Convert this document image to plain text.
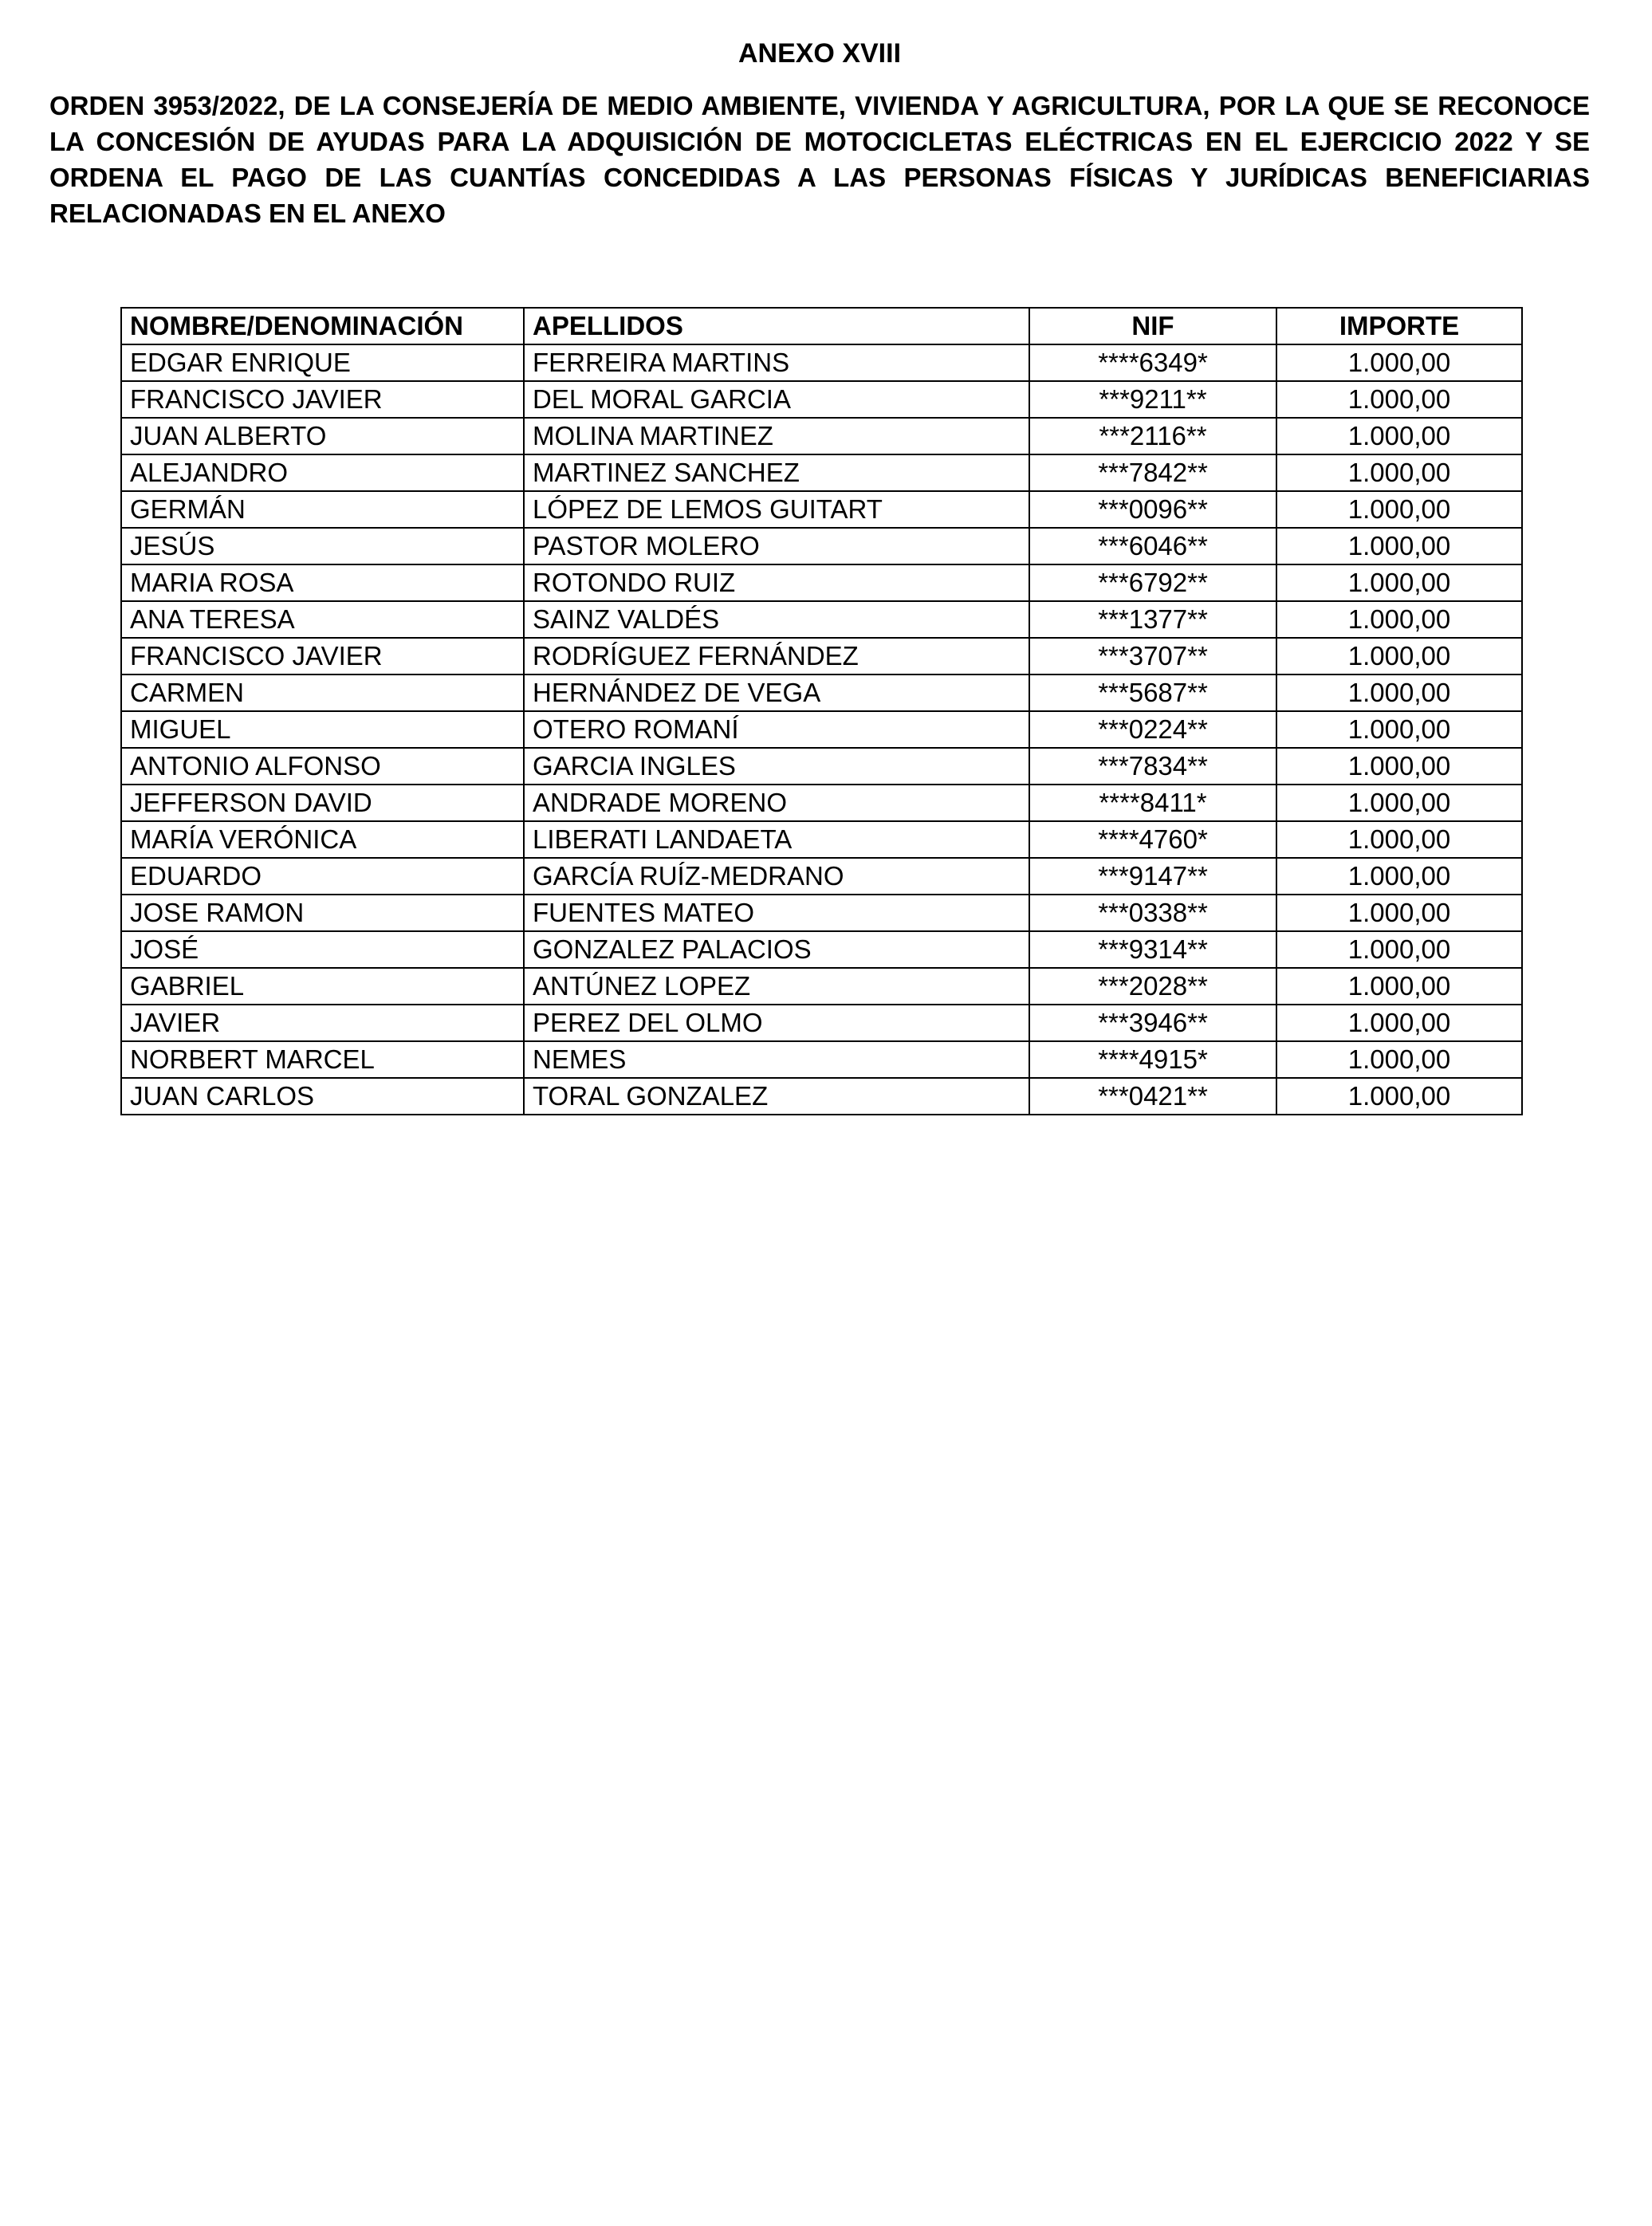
ANEXO XVIII

ORDEN 3953/2022, DE LA CONSEJERÍA DE MEDIO AMBIENTE, VIVIENDA Y AGRICULTURA, POR LA QUE SE RECONOCE LA CONCESIÓN DE AYUDAS PARA LA ADQUISICIÓN DE MOTOCICLETAS ELÉCTRICAS EN EL EJERCICIO 2022 Y SE ORDENA EL PAGO DE LAS CUANTÍAS CONCEDIDAS A LAS PERSONAS FÍSICAS Y JURÍDICAS BENEFICIARIAS RELACIONADAS EN EL ANEXO

NOMBRE/DENOMINACIÓN	APELLIDOS	NIF	IMPORTE
EDGAR ENRIQUE	FERREIRA MARTINS	****6349*	1.000,00
FRANCISCO JAVIER	DEL MORAL GARCIA	***9211**	1.000,00
JUAN ALBERTO	MOLINA MARTINEZ	***2116**	1.000,00
ALEJANDRO	MARTINEZ SANCHEZ	***7842**	1.000,00
GERMÁN	LÓPEZ DE LEMOS GUITART	***0096**	1.000,00
JESÚS	PASTOR MOLERO	***6046**	1.000,00
MARIA ROSA	ROTONDO RUIZ	***6792**	1.000,00
ANA TERESA	SAINZ VALDÉS	***1377**	1.000,00
FRANCISCO JAVIER	RODRÍGUEZ FERNÁNDEZ	***3707**	1.000,00
CARMEN	HERNÁNDEZ DE VEGA	***5687**	1.000,00
MIGUEL	OTERO ROMANÍ	***0224**	1.000,00
ANTONIO ALFONSO	GARCIA INGLES	***7834**	1.000,00
JEFFERSON DAVID	ANDRADE MORENO	****8411*	1.000,00
MARÍA VERÓNICA	LIBERATI LANDAETA	****4760*	1.000,00
EDUARDO	GARCÍA RUÍZ-MEDRANO	***9147**	1.000,00
JOSE RAMON	FUENTES MATEO	***0338**	1.000,00
JOSÉ	GONZALEZ PALACIOS	***9314**	1.000,00
GABRIEL	ANTÚNEZ LOPEZ	***2028**	1.000,00
JAVIER	PEREZ DEL OLMO	***3946**	1.000,00
NORBERT MARCEL	NEMES	****4915*	1.000,00
JUAN CARLOS	TORAL GONZALEZ	***0421**	1.000,00
